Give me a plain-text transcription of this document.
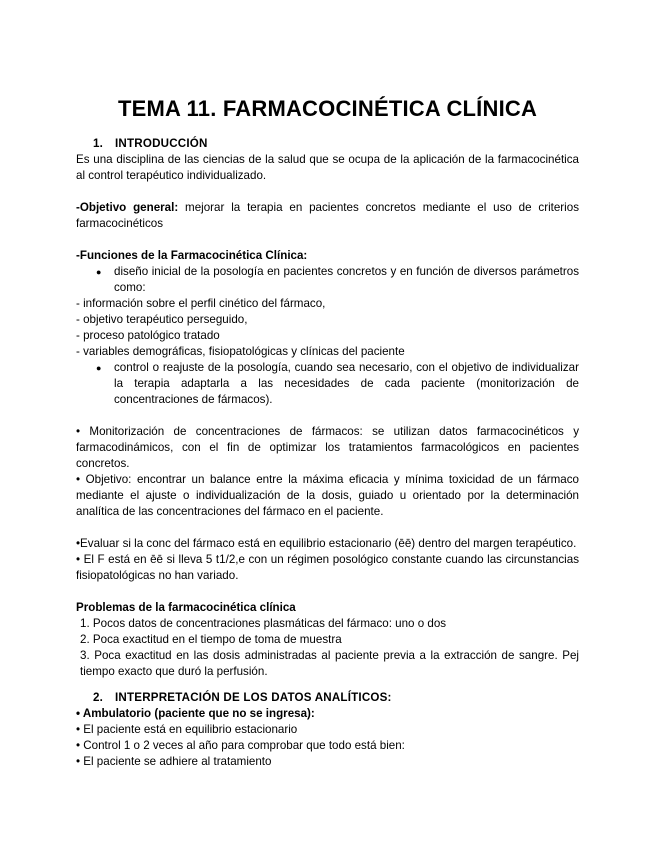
TEMA 11. FARMACOCINÉTICA CLÍNICA

1. INTRODUCCIÓN

Es una disciplina de las ciencias de la salud que se ocupa de la aplicación de la farmacocinética al control terapéutico individualizado.

-Objetivo general: mejorar la terapia en pacientes concretos mediante el uso de criterios farmacocinéticos

-Funciones de la Farmacocinética Clínica:

● diseño inicial de la posología en pacientes concretos y en función de diversos parámetros como:

- información sobre el perfil cinético del fármaco,

- objetivo terapéutico perseguido,

- proceso patológico tratado

- variables demográficas, fisiopatológicas y clínicas del paciente

● control o reajuste de la posología, cuando sea necesario, con el objetivo de individualizar la terapia adaptarla a las necesidades de cada paciente (monitorización de concentraciones de fármacos).

• Monitorización de concentraciones de fármacos: se utilizan datos farmacocinéticos y farmacodinámicos, con el fin de optimizar los tratamientos farmacológicos en pacientes concretos.

• Objetivo: encontrar un balance entre la máxima eficacia y mínima toxicidad de un fármaco mediante el ajuste o individualización de la dosis, guiado u orientado por la determinación analítica de las concentraciones del fármaco en el paciente.

•Evaluar si la conc del fármaco está en equilibrio estacionario (ēē) dentro del margen terapéutico.

• El F está en ēē si lleva 5 t1/2,e con un régimen posológico constante cuando las circunstancias fisiopatológicas no han variado.

Problemas de la farmacocinética clínica

1. Pocos datos de concentraciones plasmáticas del fármaco: uno o dos

2. Poca exactitud en el tiempo de toma de muestra

3. Poca exactitud en las dosis administradas al paciente previa a la extracción de sangre. Pej tiempo exacto que duró la perfusión.

2. INTERPRETACIÓN DE LOS DATOS ANALÍTICOS:

• Ambulatorio (paciente que no se ingresa):

• El paciente está en equilibrio estacionario

• Control 1 o 2 veces al año para comprobar que todo está bien:

• El paciente se adhiere al tratamiento
